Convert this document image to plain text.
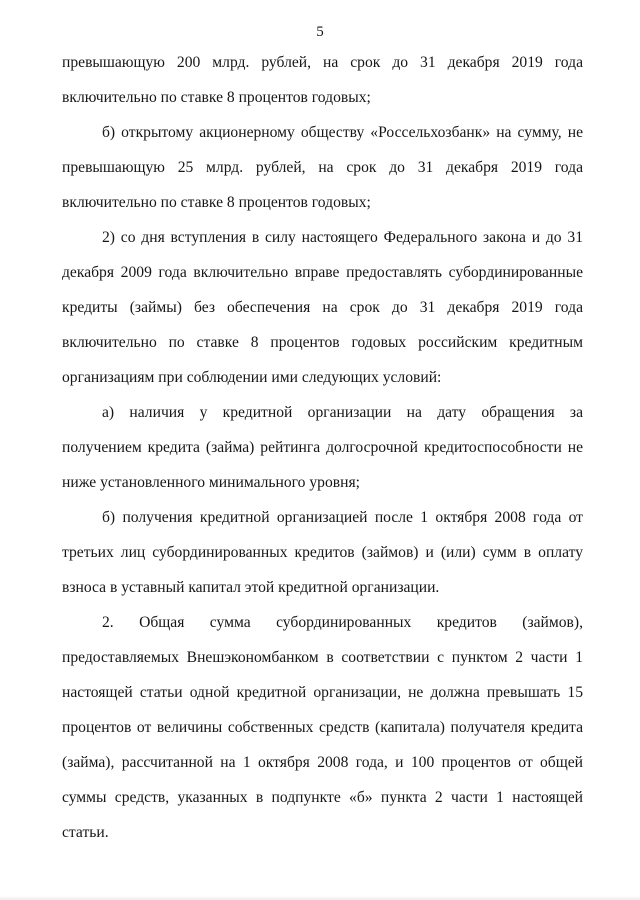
5
превышающую 200 млрд. рублей, на срок до 31 декабря 2019 года
включительно по ставке 8 процентов годовых;
б) открытому акционерному обществу «Россельхозбанк» на сумму, не
превышающую 25 млрд. рублей, на срок до 31 декабря 2019 года
включительно по ставке 8 процентов годовых;
2) со дня вступления в силу настоящего Федерального закона и до 31
декабря 2009 года включительно вправе предоставлять субординированные
кредиты (займы) без обеспечения на срок до 31 декабря 2019 года
включительно по ставке 8 процентов годовых российским кредитным
организациям при соблюдении ими следующих условий:
а) наличия у кредитной организации на дату обращения за
получением кредита (займа) рейтинга долгосрочной кредитоспособности не
ниже установленного минимального уровня;
б) получения кредитной организацией после 1 октября 2008 года от
третьих лиц субординированных кредитов (займов) и (или) сумм в оплату
взноса в уставный капитал этой кредитной организации.
2. Общая сумма субординированных кредитов (займов),
предоставляемых Внешэкономбанком в соответствии с пунктом 2 части 1
настоящей статьи одной кредитной организации, не должна превышать 15
процентов от величины собственных средств (капитала) получателя кредита
(займа), рассчитанной на 1 октября 2008 года, и 100 процентов от общей
суммы средств, указанных в подпункте «б» пункта 2 части 1 настоящей
статьи.
